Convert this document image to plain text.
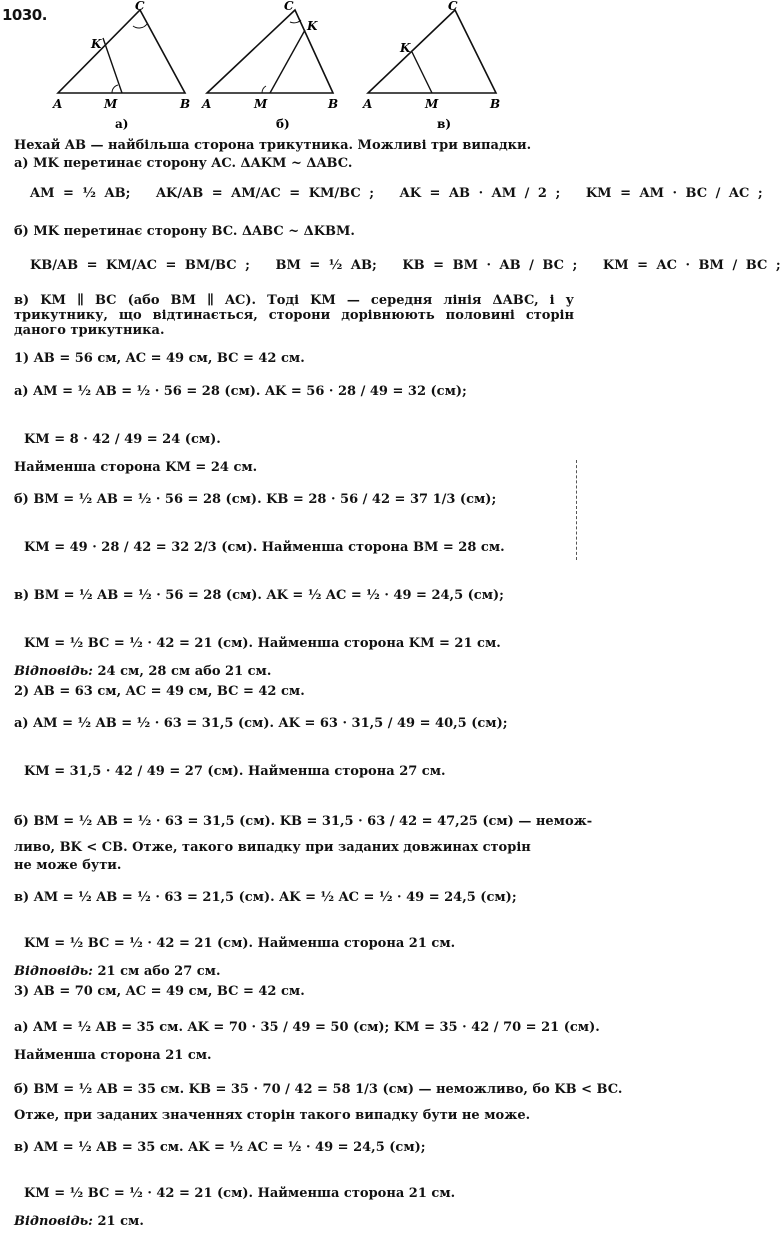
1030.
A	M	B
C
K
а)
A	M	B
C
K
б)
A	M	B
C
K
в)
Нехай AB — найбільша сторона трикутника. Можливі три випадки.
а) MK перетинає сторону AC. ΔAKM ~ ΔABC.
AM = ½ AB; AK/AB = AM/AC = KM/BC ; AK = AB · AM / 2 ; KM = AM · BC / AC ;
б) MK перетинає сторону BC. ΔABC ~ ΔKBM.
KB/AB = KM/AC = BM/BC ; BM = ½ AB; KB = BM · AB / BC ; KM = AC · BM / BC ;
в) KM ∥ BC (або BM ∥ AC). Тоді KM — середня лінія ΔABC, і у трикутнику, що відтинається, сторони дорівнюють половині сторін даного трикутника.
1) AB = 56 см, AC = 49 см, BC = 42 см.
а) AM = ½ AB = ½ · 56 = 28 (см). AK = 56 · 28 / 49 = 32 (см);
KM = 8 · 42 / 49 = 24 (см).
Найменша сторона KM = 24 см.
б) BM = ½ AB = ½ · 56 = 28 (см). KB = 28 · 56 / 42 = 37 1/3 (см);
KM = 49 · 28 / 42 = 32 2/3 (см). Найменша сторона BM = 28 см.
в) BM = ½ AB = ½ · 56 = 28 (см). AK = ½ AC = ½ · 49 = 24,5 (см);
KM = ½ BC = ½ · 42 = 21 (см). Найменша сторона KM = 21 см.
Відповідь: 24 см, 28 см або 21 см.
2) AB = 63 см, AC = 49 см, BC = 42 см.
а) AM = ½ AB = ½ · 63 = 31,5 (см). AK = 63 · 31,5 / 49 = 40,5 (см);
KM = 31,5 · 42 / 49 = 27 (см). Найменша сторона 27 см.
б) BM = ½ AB = ½ · 63 = 31,5 (см). KB = 31,5 · 63 / 42 = 47,25 (см) — немож-
ливо, BK < CB. Отже, такого випадку при заданих довжинах сторін
не може бути.
в) AM = ½ AB = ½ · 63 = 21,5 (см). AK = ½ AC = ½ · 49 = 24,5 (см);
KM = ½ BC = ½ · 42 = 21 (см). Найменша сторона 21 см.
Відповідь: 21 см або 27 см.
3) AB = 70 см, AC = 49 см, BC = 42 см.
а) AM = ½ AB = 35 см. AK = 70 · 35 / 49 = 50 (см); KM = 35 · 42 / 70 = 21 (см).
Найменша сторона 21 см.
б) BM = ½ AB = 35 см. KB = 35 · 70 / 42 = 58 1/3 (см) — неможливо, бо KB < BC.
Отже, при заданих значеннях сторін такого випадку бути не може.
в) AM = ½ AB = 35 см. AK = ½ AC = ½ · 49 = 24,5 (см);
KM = ½ BC = ½ · 42 = 21 (см). Найменша сторона 21 см.
Відповідь: 21 см.
